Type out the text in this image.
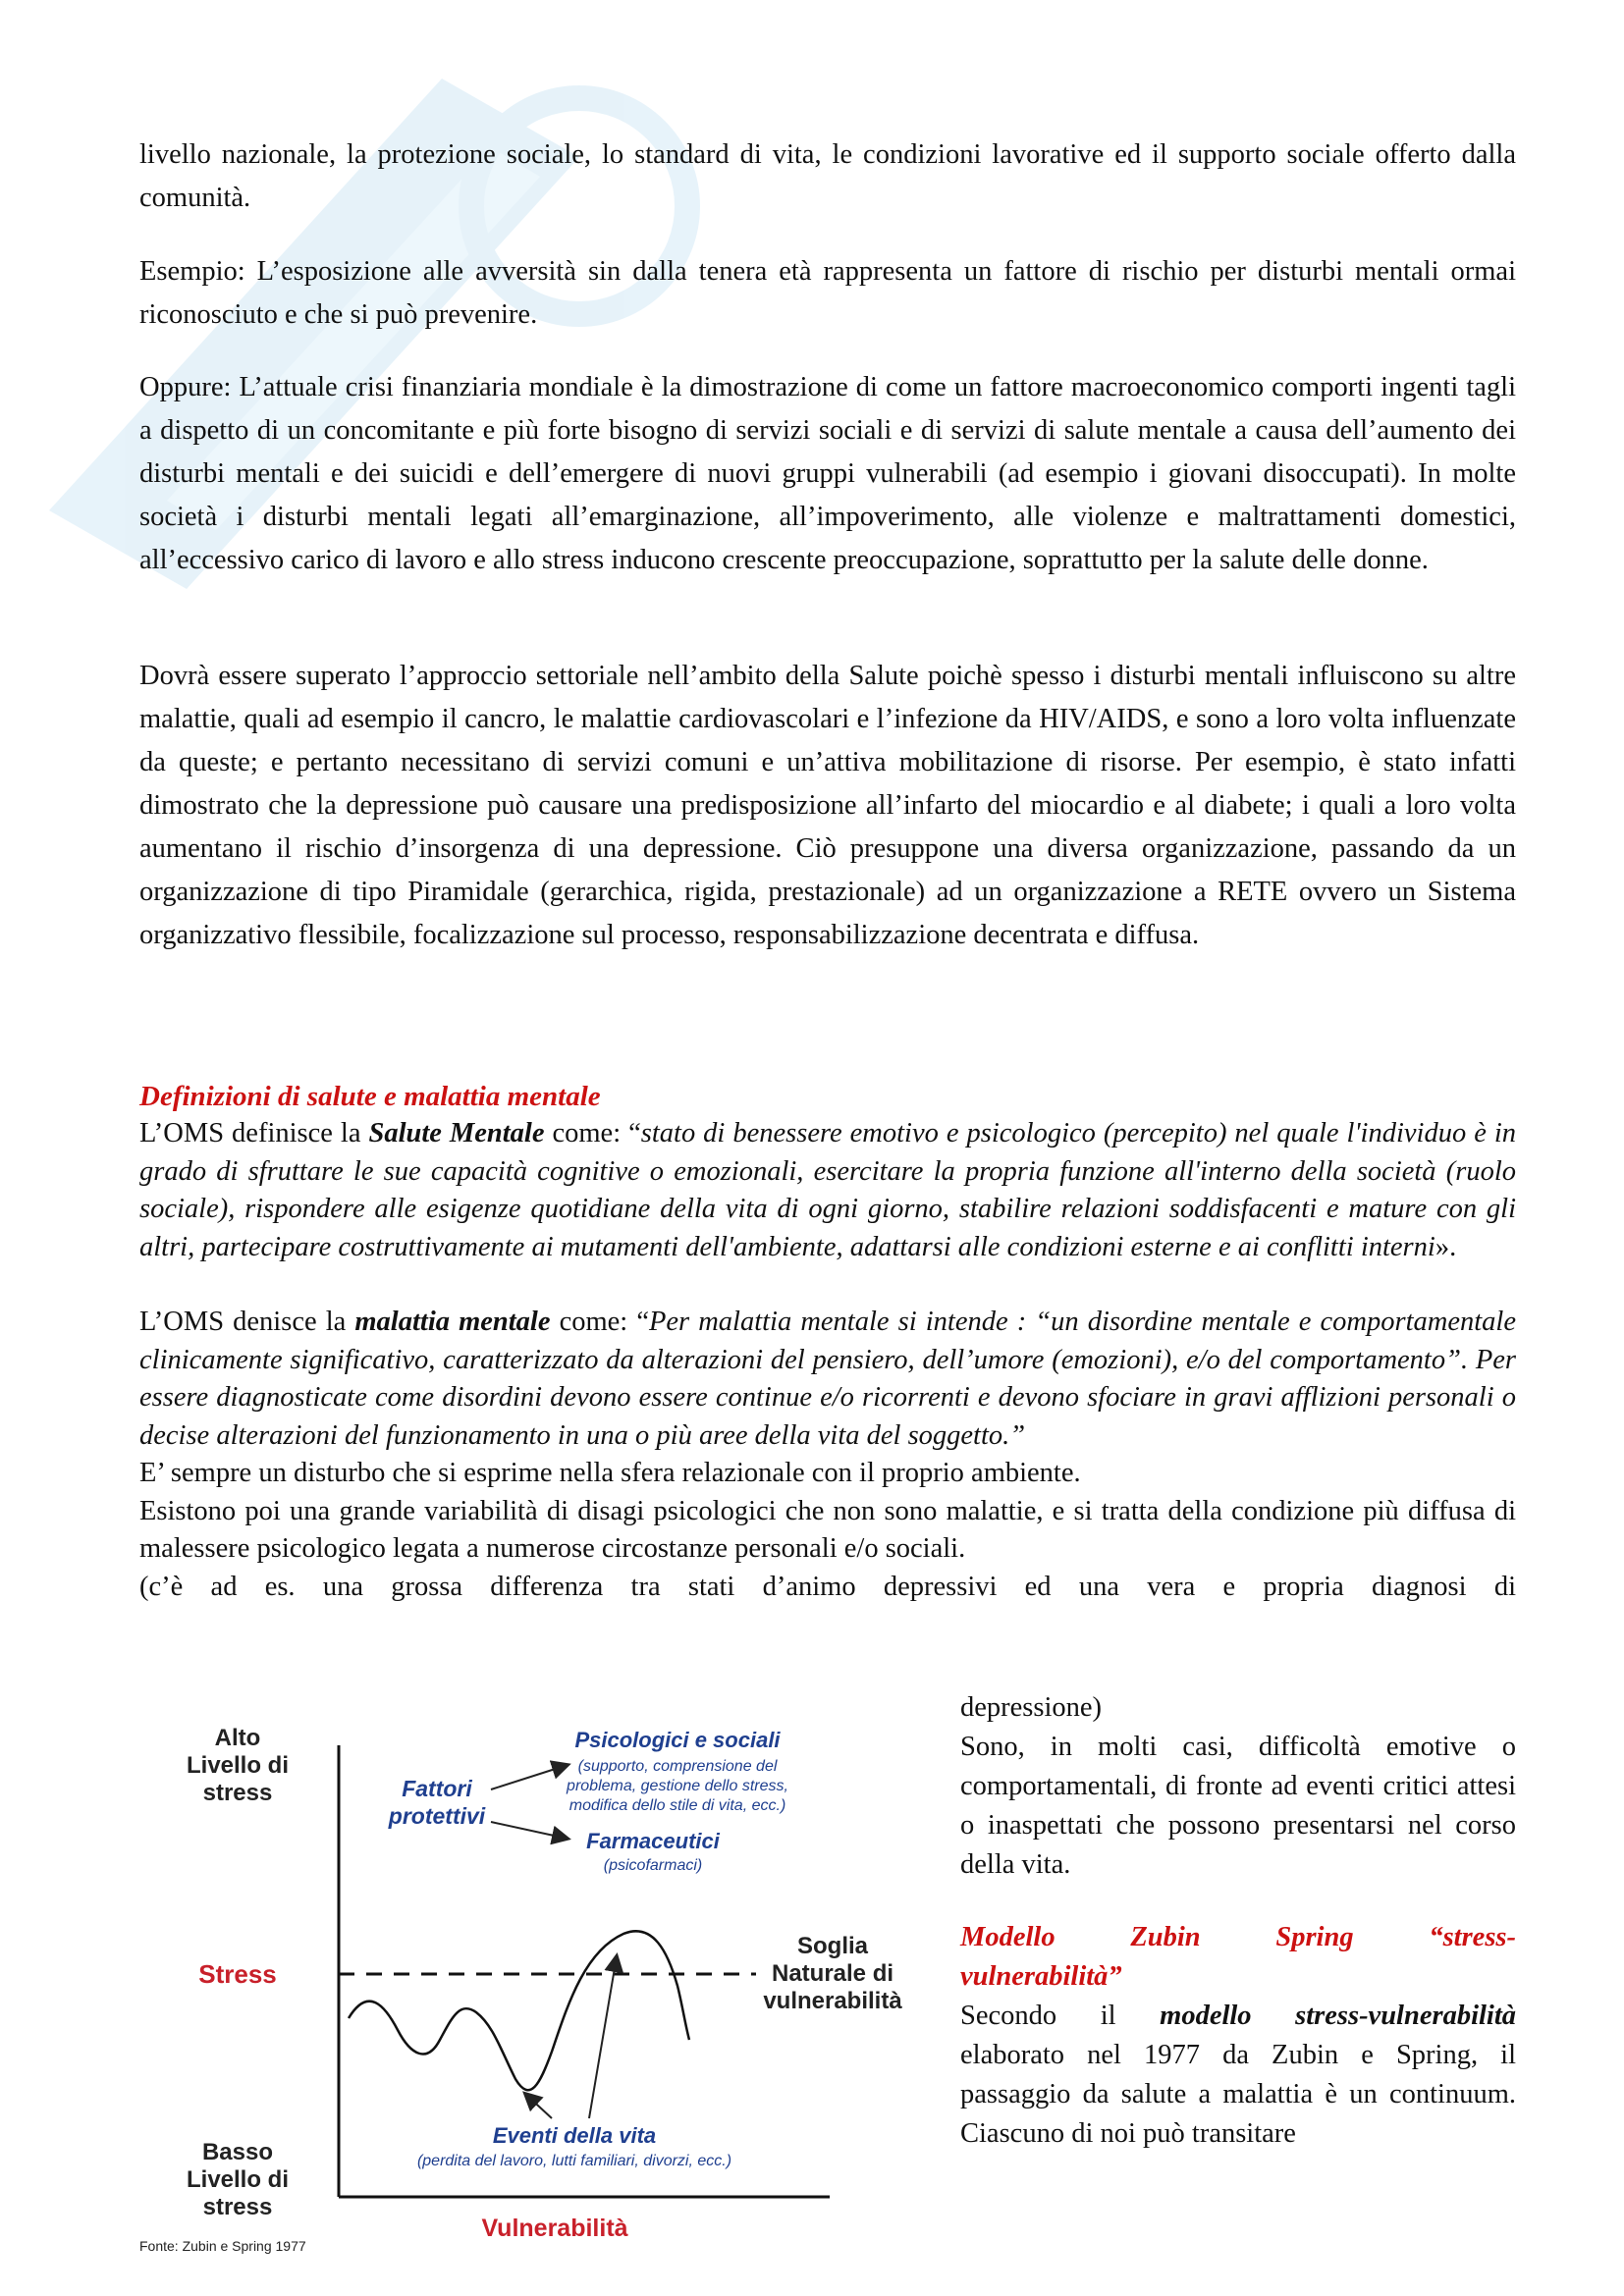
livello nazionale, la protezione sociale, lo standard di vita, le condizioni lavorative ed il supporto sociale offerto dalla comunità.

Esempio: L’esposizione alle avversità sin dalla tenera età rappresenta un fattore di rischio per disturbi mentali ormai riconosciuto e che si può prevenire.

Oppure: L’attuale crisi finanziaria mondiale è la dimostrazione di come un fattore macroeconomico comporti ingenti tagli a dispetto di un concomitante e più forte bisogno di servizi sociali e di servizi di salute mentale a causa dell’aumento dei disturbi mentali e dei suicidi e dell’emergere di nuovi gruppi vulnerabili (ad esempio i giovani disoccupati). In molte società i disturbi mentali legati all’emarginazione, all’impoverimento, alle violenze e maltrattamenti domestici, all’eccessivo carico di lavoro e allo stress inducono crescente preoccupazione, soprattutto per la salute delle donne.

Dovrà essere superato l’approccio settoriale nell’ambito della Salute poichè spesso i disturbi mentali influiscono su altre malattie, quali ad esempio il cancro, le malattie cardiovascolari e l’infezione da HIV/AIDS, e sono a loro volta influenzate da queste; e pertanto necessitano di servizi comuni e un’attiva mobilitazione di risorse. Per esempio, è stato infatti dimostrato che la depressione può causare una predisposizione all’infarto del miocardio e al diabete; i quali a loro volta aumentano il rischio d’insorgenza di una depressione. Ciò presuppone una diversa organizzazione, passando da un organizzazione di tipo Piramidale (gerarchica, rigida, prestazionale) ad un organizzazione a RETE ovvero un Sistema organizzativo flessibile, focalizzazione sul processo, responsabilizzazione decentrata e diffusa.

Definizioni di salute e malattia mentale

L’OMS definisce la Salute Mentale come: “stato di benessere emotivo e psicologico (percepito) nel quale l'individuo è in grado di sfruttare le sue capacità cognitive o emozionali, esercitare la propria funzione all'interno della società (ruolo sociale), rispondere alle esigenze quotidiane della vita di ogni giorno, stabilire relazioni soddisfacenti e mature con gli altri, partecipare costruttivamente ai mutamenti dell'ambiente, adattarsi alle condizioni esterne e ai conflitti interni».

L’OMS denisce la malattia mentale come: “Per malattia mentale si intende : “un disordine mentale e comportamentale clinicamente significativo, caratterizzato da alterazioni del pensiero, dell’umore (emozioni), e/o del comportamento”. Per essere diagnosticate come disordini devono essere continue e/o ricorrenti e devono sfociare in gravi afflizioni personali o decise alterazioni del funzionamento in una o più aree della vita del soggetto.”

E’ sempre un disturbo che si esprime nella sfera relazionale con il proprio ambiente.

Esistono poi una grande variabilità di disagi psicologici che non sono malattie, e si tratta della condizione più diffusa di malessere psicologico legata a numerose circostanze personali e/o sociali.

(c’è ad es. una grossa differenza tra stati d’animo depressivi ed una vera e propria diagnosi di

depressione)

Sono, in molti casi, difficoltà emotive o comportamentali, di fronte ad eventi critici attesi o inaspettati che possono presentarsi nel corso della vita.

Modello Zubin Spring “stress-

vulnerabilità”

Secondo il modello stress-vulnerabilità elaborato nel 1977 da Zubin e Spring, il passaggio da salute a malattia è un continuum. Ciascuno di noi può transitare

Alto
Livello di
stress
Stress
Basso
Livello di
stress
Fattori
protettivi
Psicologici e sociali
(supporto, comprensione del
problema, gestione dello stress,
modifica dello stile di vita, ecc.)
Farmaceutici
(psicofarmaci)
Soglia
Naturale di
vulnerabilità
Eventi della vita
(perdita del lavoro, lutti familiari, divorzi, ecc.)
Vulnerabilità
Fonte: Zubin e Spring 1977
